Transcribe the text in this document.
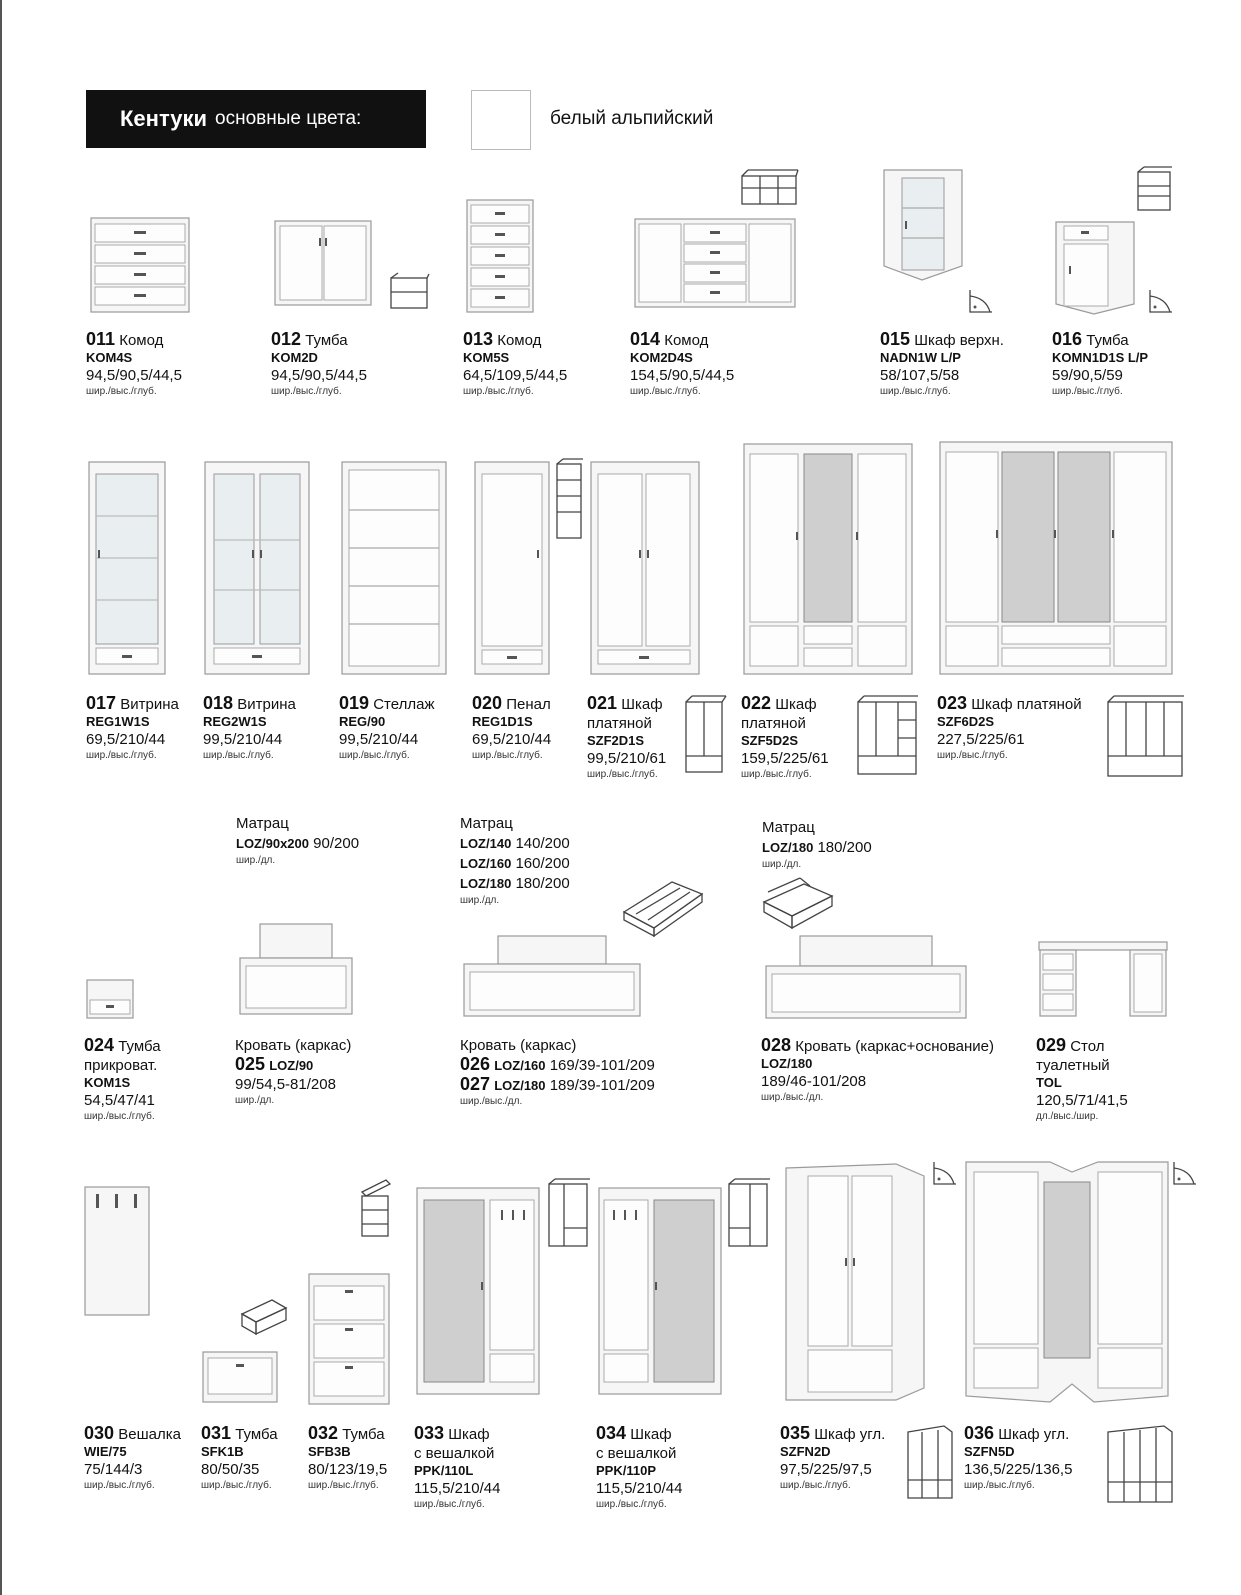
Кентуки основные цвета:	белый альпийский
011 Комод
KOM4S
94,5/90,5/44,5
шир./выс./глуб.
012 Тумба
KOM2D
94,5/90,5/44,5
шир./выс./глуб.
013 Комод
KOM5S
64,5/109,5/44,5
шир./выс./глуб.
014 Комод
KOM2D4S
154,5/90,5/44,5
шир./выс./глуб.
015 Шкаф верхн.
NADN1W L/P
58/107,5/58
шир./выс./глуб.
016 Тумба
KOMN1D1S L/P
59/90,5/59
шир./выс./глуб.
017 Витрина
REG1W1S
69,5/210/44
шир./выс./глуб.
018 Витрина
REG2W1S
99,5/210/44
шир./выс./глуб.
019 Стеллаж
REG/90
99,5/210/44
шир./выс./глуб.
020 Пенал
REG1D1S
69,5/210/44
шир./выс./глуб.
021 Шкаф
платяной
SZF2D1S
99,5/210/61
шир./выс./глуб.
022 Шкаф
платяной
SZF5D2S
159,5/225/61
шир./выс./глуб.
023 Шкаф платяной
SZF6D2S
227,5/225/61
шир./выс./глуб.
Матрац
LOZ/90x200 90/200
шир./дл.
Матрац
LOZ/140 140/200
LOZ/160 160/200
LOZ/180 180/200
шир./дл.
Матрац
LOZ/180 180/200
шир./дл.
024 Тумба
прикроват.
KOM1S
54,5/47/41
шир./выс./глуб.
Кровать (каркас)
025 LOZ/90
99/54,5-81/208
шир./дл.
Кровать (каркас)
026 LOZ/160 169/39-101/209
027 LOZ/180 189/39-101/209
шир./выс./дл.
028 Кровать (каркас+основание)
LOZ/180
189/46-101/208
шир./выс./дл.
029 Стол
туалетный
TOL
120,5/71/41,5
дл./выс./шир.
030 Вешалка
WIE/75
75/144/3
шир./выс./глуб.
031 Тумба
SFK1B
80/50/35
шир./выс./глуб.
032 Тумба
SFB3B
80/123/19,5
шир./выс./глуб.
033 Шкаф
с вешалкой
PPK/110L
115,5/210/44
шир./выс./глуб.
034 Шкаф
с вешалкой
PPK/110P
115,5/210/44
шир./выс./глуб.
035 Шкаф угл.
SZFN2D
97,5/225/97,5
шир./выс./глуб.
036 Шкаф угл.
SZFN5D
136,5/225/136,5
шир./выс./глуб.
